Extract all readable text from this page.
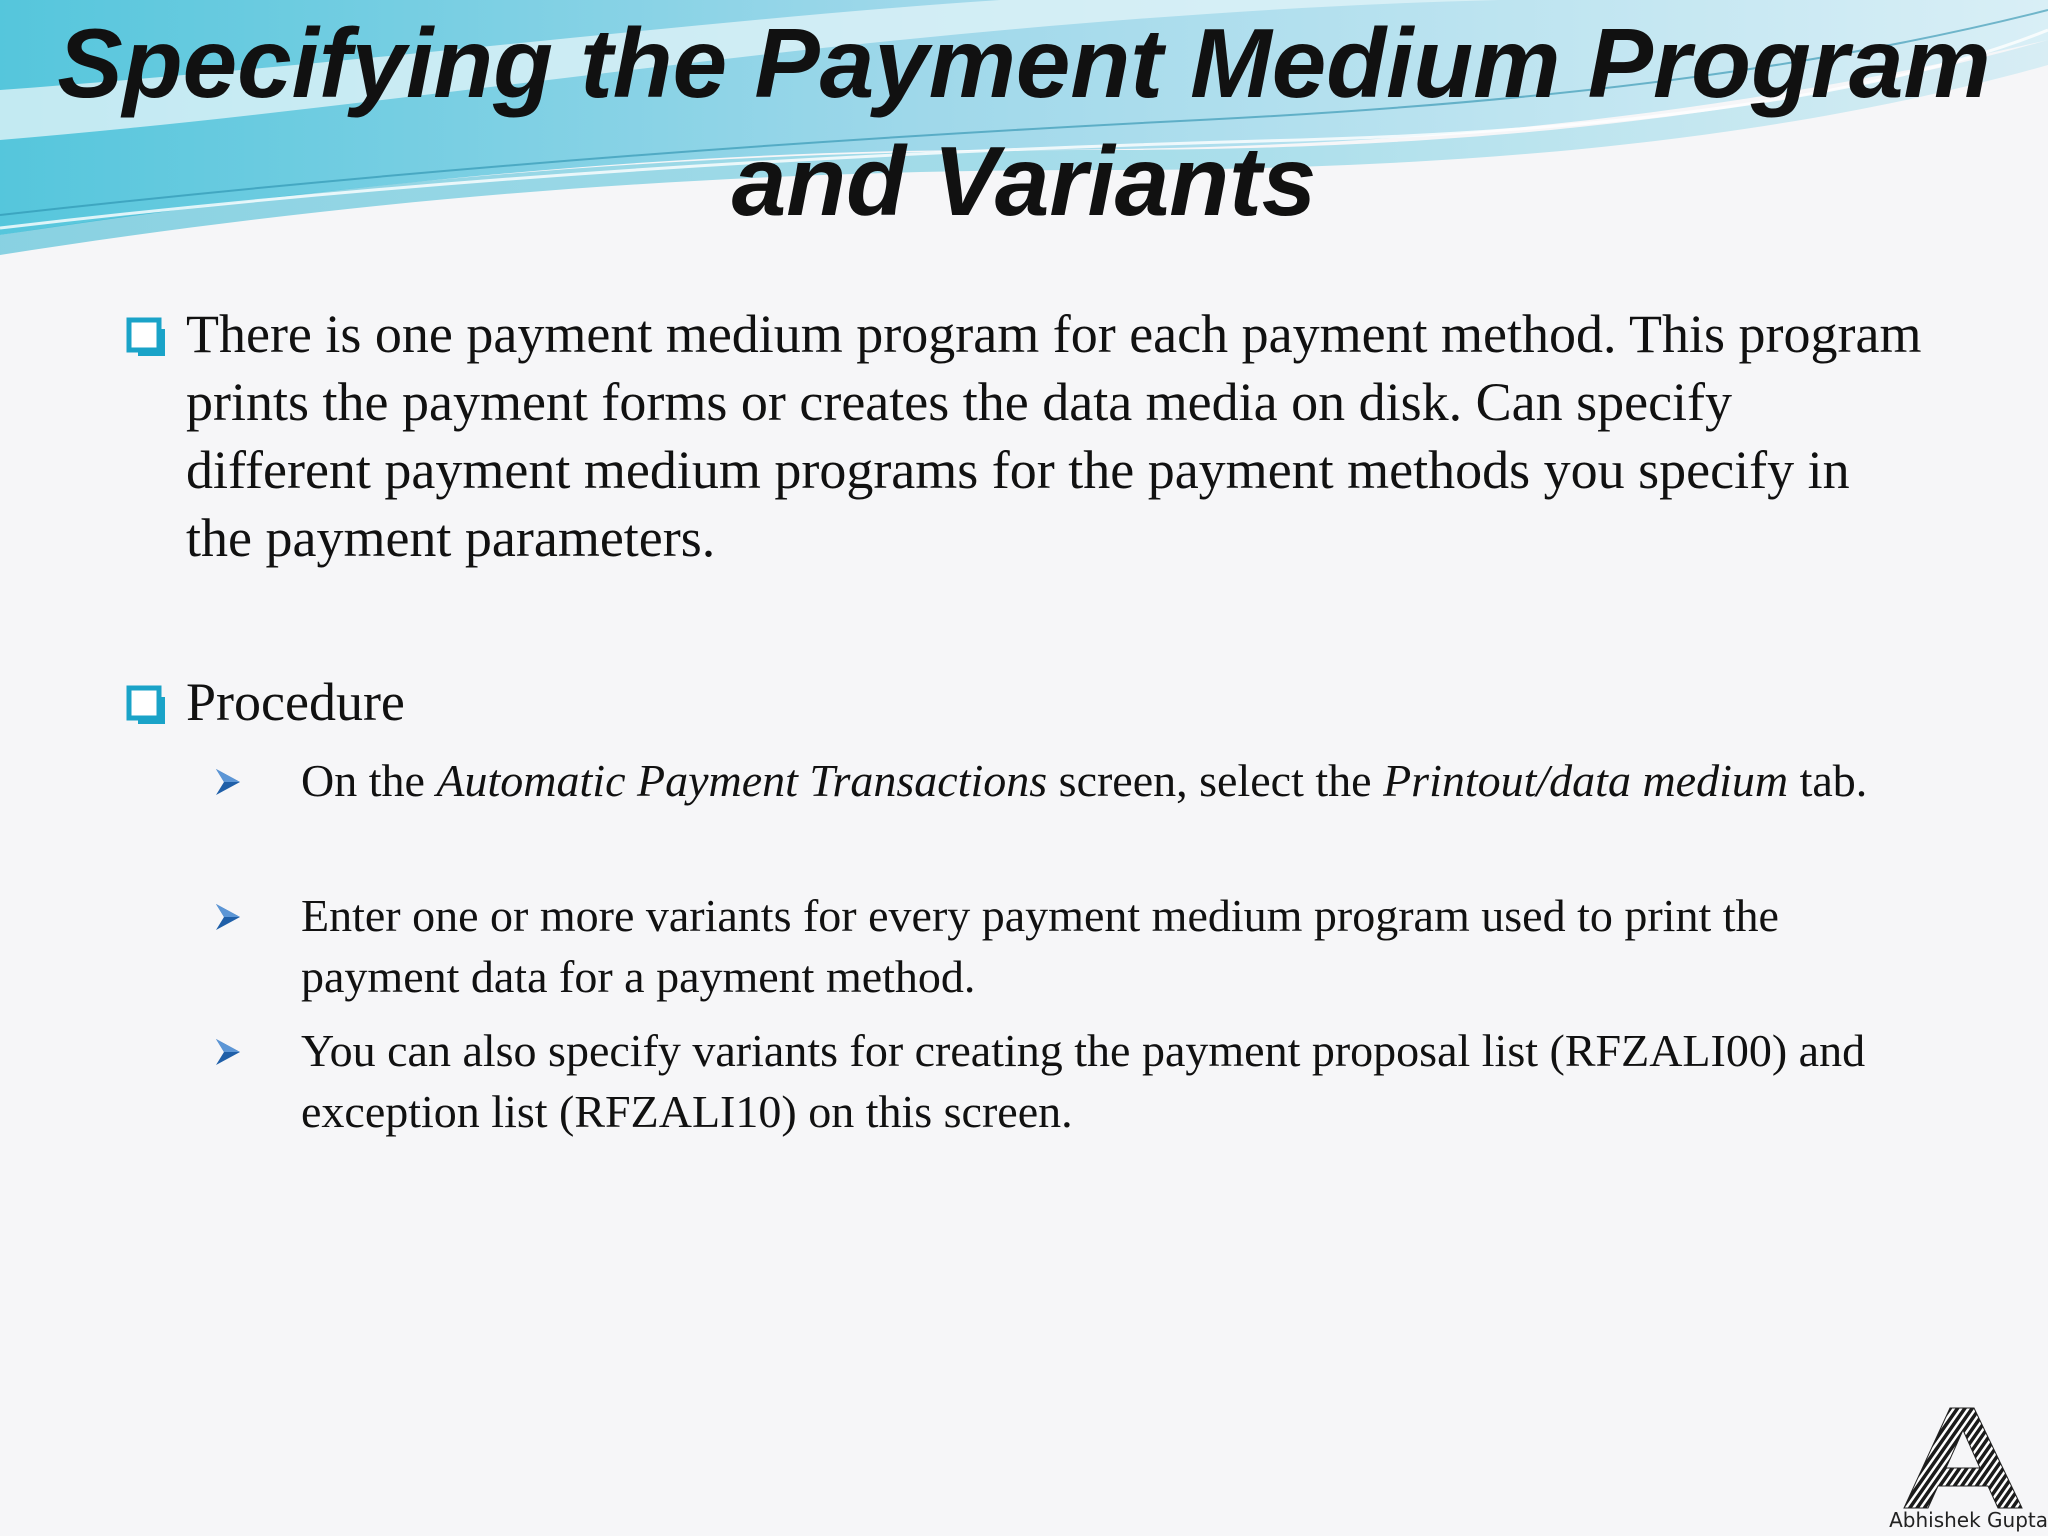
Specifying the Payment Medium Program
and Variants
There is one payment medium program for each payment method. This program prints the payment forms or creates the data media on disk. Can specify different payment medium programs for the payment methods you specify in the payment parameters.
Procedure
On the Automatic Payment Transactions screen, select the Printout/data medium tab.
Enter one or more variants for every payment medium program used to print the payment data for a payment method.
You can also specify variants for creating the payment proposal list (RFZALI00) and exception list (RFZALI10) on this screen.
Abhishek Gupta
